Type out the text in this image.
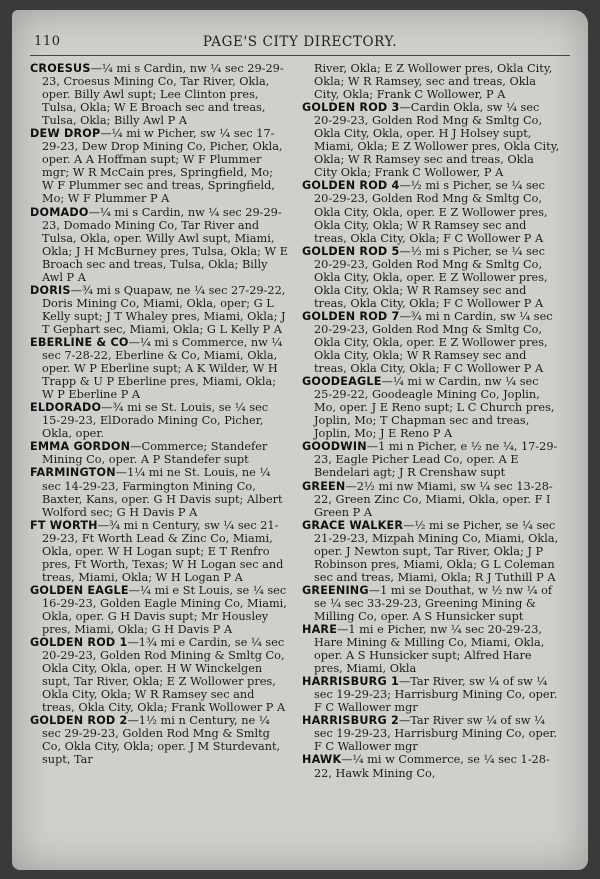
110	PAGE'S CITY DIRECTORY.

CROESUS—¼ mi s Cardin, nw ¼ sec 29-29-23, Croesus Mining Co, Tar River, Okla, oper. Billy Awl supt; Lee Clinton pres, Tulsa, Okla; W E Broach sec and treas, Tulsa, Okla; Billy Awl P A

DEW DROP—¼ mi w Picher, sw ¼ sec 17-29-23, Dew Drop Mining Co, Picher, Okla, oper. A A Hoffman supt; W F Plummer mgr; W R McCain pres, Springfield, Mo; W F Plummer sec and treas, Springfield, Mo; W F Plummer P A

DOMADO—¼ mi s Cardin, nw ¼ sec 29-29-23, Domado Mining Co, Tar River and Tulsa, Okla, oper. Willy Awl supt, Miami, Okla; J H McBurney pres, Tulsa, Okla; W E Broach sec and treas, Tulsa, Okla; Billy Awl P A

DORIS—¾ mi s Quapaw, ne ¼ sec 27-29-22, Doris Mining Co, Miami, Okla, oper; G L Kelly supt; J T Whaley pres, Miami, Okla; J T Gephart sec, Miami, Okla; G L Kelly P A

EBERLINE & CO—¼ mi s Commerce, nw ¼ sec 7-28-22, Eberline & Co, Miami, Okla, oper. W P Eberline supt; A K Wilder, W H Trapp & U P Eberline pres, Miami, Okla; W P Eberline P A

ELDORADO—¾ mi se St. Louis, se ¼ sec 15-29-23, ElDorado Mining Co, Picher, Okla, oper.

EMMA GORDON—Commerce; Standefer Mining Co, oper. A P Standefer supt

FARMINGTON—1¼ mi ne St. Louis, ne ¼ sec 14-29-23, Farmington Mining Co, Baxter, Kans, oper. G H Davis supt; Albert Wolford sec; G H Davis P A

FT WORTH—¾ mi n Century, sw ¼ sec 21-29-23, Ft Worth Lead & Zinc Co, Miami, Okla, oper. W H Logan supt; E T Renfro pres, Ft Worth, Texas; W H Logan sec and treas, Miami, Okla; W H Logan P A

GOLDEN EAGLE—¼ mi e St Louis, se ¼ sec 16-29-23, Golden Eagle Mining Co, Miami, Okla, oper. G H Davis supt; Mr Housley pres, Miami, Okla; G H Davis P A

GOLDEN ROD 1—1¾ mi e Cardin, se ¼ sec 20-29-23, Golden Rod Mining & Smltg Co, Okla City, Okla, oper. H W Winckelgen supt, Tar River, Okla; E Z Wollower pres, Okla City, Okla; W R Ramsey sec and treas, Okla City, Okla; Frank Wollower P A

GOLDEN ROD 2—1½ mi n Century, ne ¼ sec 29-29-23, Golden Rod Mng & Smltg Co, Okla City, Okla; oper. J M Sturdevant, supt, Tar

River, Okla; E Z Wollower pres, Okla City, Okla; W R Ramsey, sec and treas, Okla City, Okla; Frank C Wollower, P A

GOLDEN ROD 3—Cardin Okla, sw ¼ sec 20-29-23, Golden Rod Mng & Smltg Co, Okla City, Okla, oper. H J Holsey supt, Miami, Okla; E Z Wollower pres, Okla City, Okla; W R Ramsey sec and treas, Okla City Okla; Frank C Wollower, P A

GOLDEN ROD 4—½ mi s Picher, se ¼ sec 20-29-23, Golden Rod Mng & Smltg Co, Okla City, Okla, oper. E Z Wollower pres, Okla City, Okla; W R Ramsey sec and treas, Okla City, Okla; F C Wollower P A

GOLDEN ROD 5—½ mi s Picher, se ¼ sec 20-29-23, Golden Rod Mng & Smltg Co, Okla City, Okla, oper. E Z Wollower pres, Okla City, Okla; W R Ramsey sec and treas, Okla City, Okla; F C Wollower P A

GOLDEN ROD 7—¾ mi n Cardin, sw ¼ sec 20-29-23, Golden Rod Mng & Smltg Co, Okla City, Okla, oper. E Z Wollower pres, Okla City, Okla; W R Ramsey sec and treas, Okla City, Okla; F C Wollower P A

GOODEAGLE—¼ mi w Cardin, nw ¼ sec 25-29-22, Goodeagle Mining Co, Joplin, Mo, oper. J E Reno supt; L C Church pres, Joplin, Mo; T Chapman sec and treas, Joplin, Mo; J E Reno P A

GOODWIN—1 mi n Picher, e ½ ne ¼, 17-29-23, Eagle Picher Lead Co, oper. A E Bendelari agt; J R Crenshaw supt

GREEN—2½ mi nw Miami, sw ¼ sec 13-28-22, Green Zinc Co, Miami, Okla, oper. F I Green P A

GRACE WALKER—½ mi se Picher, se ¼ sec 21-29-23, Mizpah Mining Co, Miami, Okla, oper. J Newton supt, Tar River, Okla; J P Robinson pres, Miami, Okla; G L Coleman sec and treas, Miami, Okla; R J Tuthill P A

GREENING—1 mi se Douthat, w ½ nw ¼ of se ¼ sec 33-29-23, Greening Mining & Milling Co, oper. A S Hunsicker supt

HARE—1 mi e Picher, nw ¼ sec 20-29-23, Hare Mining & Milling Co, Miami, Okla, oper. A S Hunsicker supt; Alfred Hare pres, Miami, Okla

HARRISBURG 1—Tar River, sw ¼ of sw ¼ sec 19-29-23; Harrisburg Mining Co, oper. F C Wallower mgr

HARRISBURG 2—Tar River sw ¼ of sw ¼ sec 19-29-23, Harrisburg Mining Co, oper. F C Wallower mgr

HAWK—¼ mi w Commerce, se ¼ sec 1-28-22, Hawk Mining Co,
